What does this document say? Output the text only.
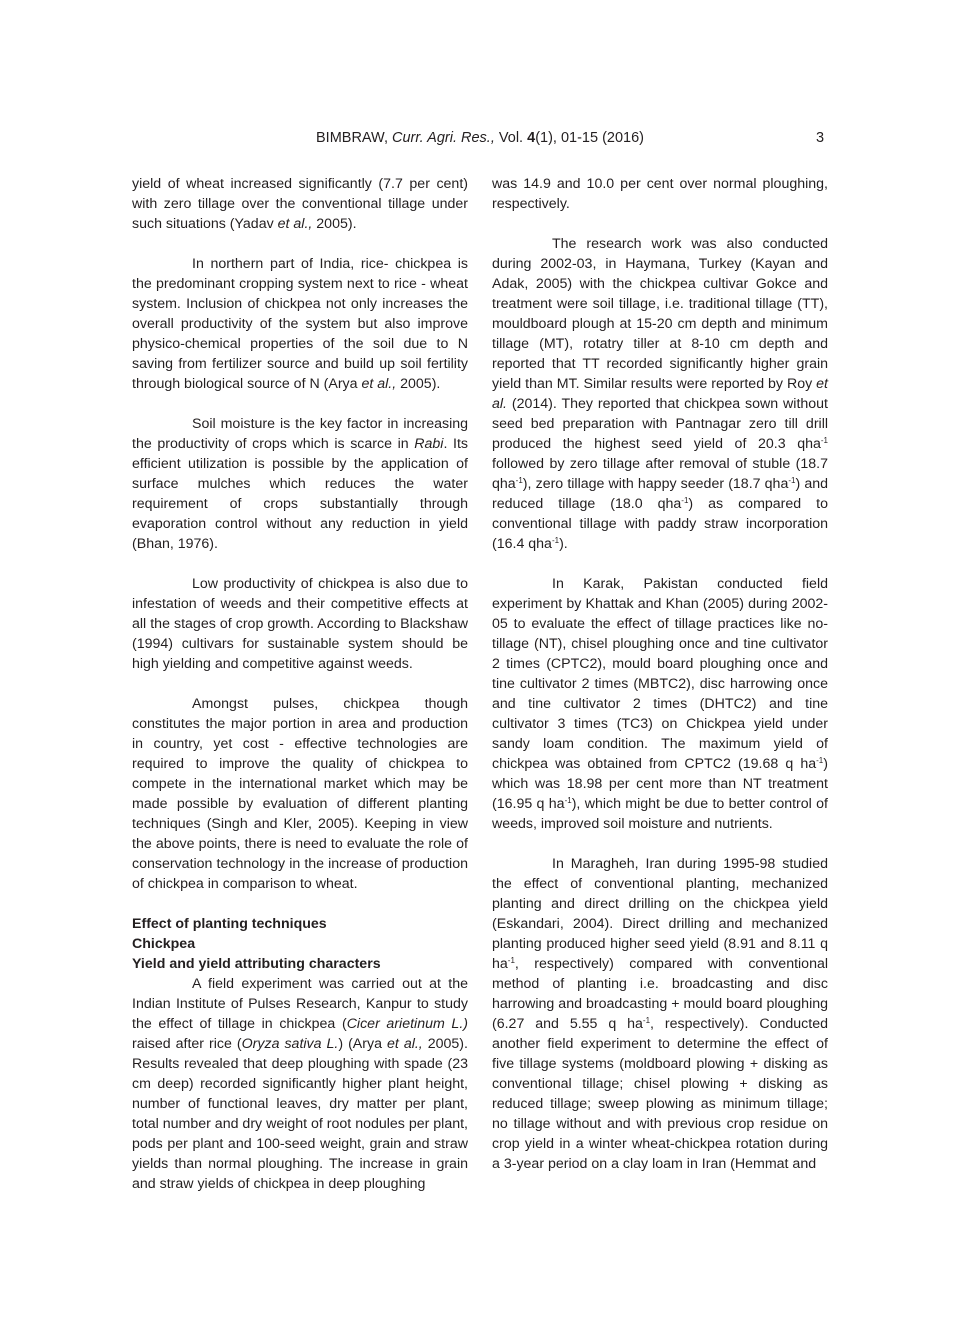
BIMBRAW, Curr. Agri. Res., Vol. 4(1), 01-15 (2016)	3

yield of wheat increased significantly (7.7 per cent) with zero tillage over the conventional tillage under such situations (Yadav et al., 2005).

In northern part of India, rice- chickpea is the predominant cropping system next to rice - wheat system. Inclusion of chickpea not only increases the overall productivity of the system but also improve physico-chemical properties of the soil due to N saving from fertilizer source and build up soil fertility through biological source of N (Arya et al., 2005).

Soil moisture is the key factor in increasing the productivity of crops which is scarce in Rabi. Its efficient utilization is possible by the application of surface mulches which reduces the water requirement of crops substantially through evaporation control without any reduction in yield (Bhan, 1976).

Low productivity of chickpea is also due to infestation of weeds and their competitive effects at all the stages of crop growth. According to Blackshaw (1994) cultivars for sustainable system should be high yielding and competitive against weeds.

Amongst pulses, chickpea though constitutes the major portion in area and production in country, yet cost - effective technologies are required to improve the quality of chickpea to compete in the international market which may be made possible by evaluation of different planting techniques (Singh and Kler, 2005). Keeping in view the above points, there is need to evaluate the role of conservation technology in the increase of production of chickpea in comparison to wheat.

Effect of planting techniques
Chickpea
Yield and yield attributing characters

A field experiment was carried out at the Indian Institute of Pulses Research, Kanpur to study the effect of tillage in chickpea (Cicer arietinum L.) raised after rice (Oryza sativa L.) (Arya et al., 2005). Results revealed that deep ploughing with spade (23 cm deep) recorded significantly higher plant height, number of functional leaves, dry matter per plant, total number and dry weight of root nodules per plant, pods per plant and 100-seed weight, grain and straw yields than normal ploughing. The increase in grain and straw yields of chickpea in deep ploughing

was 14.9 and 10.0 per cent over normal ploughing, respectively.

The research work was also conducted during 2002-03, in Haymana, Turkey (Kayan and Adak, 2005) with the chickpea cultivar Gokce and treatment were soil tillage, i.e. traditional tillage (TT), mouldboard plough at 15-20 cm depth and minimum tillage (MT), rotatry tiller at 8-10 cm depth and reported that TT recorded significantly higher grain yield than MT. Similar results were reported by Roy et al. (2014). They reported that chickpea sown without seed bed preparation with Pantnagar zero till drill produced the highest seed yield of 20.3 qha$^{-1}$ followed by zero tillage after removal of stuble (18.7 qha$^{-1}$), zero tillage with happy seeder (18.7 qha$^{-1}$) and reduced tillage (18.0 qha$^{-1}$) as compared to conventional tillage with paddy straw incorporation (16.4 qha$^{-1}$).

In Karak, Pakistan conducted field experiment by Khattak and Khan (2005) during 2002-05 to evaluate the effect of tillage practices like no-tillage (NT), chisel ploughing once and tine cultivator 2 times (CPTC2), mould board ploughing once and tine cultivator 2 times (MBTC2), disc harrowing once and tine cultivator 2 times (DHTC2) and tine cultivator 3 times (TC3) on Chickpea yield under sandy loam condition. The maximum yield of chickpea was obtained from CPTC2 (19.68 q $ha^{-1}$) which was 18.98 per cent more than NT treatment (16.95 q $ha^{-1}$), which might be due to better control of weeds, improved soil moisture and nutrients.

In Maragheh, Iran during 1995-98 studied the effect of conventional planting, mechanized planting and direct drilling on the chickpea yield (Eskandari, 2004). Direct drilling and mechanized planting produced higher seed yield (8.91 and 8.11 q $ha^{-1}$, respectively) compared with conventional method of planting i.e. broadcasting and disc harrowing and broadcasting + mould board ploughing (6.27 and 5.55 q $ha^{-1}$, respectively). Conducted another field experiment to determine the effect of five tillage systems (moldboard plowing + disking as conventional tillage; chisel plowing + disking as reduced tillage; sweep plowing as minimum tillage; no tillage without and with previous crop residue on crop yield in a winter wheat-chickpea rotation during a 3-year period on a clay loam in Iran (Hemmat and
